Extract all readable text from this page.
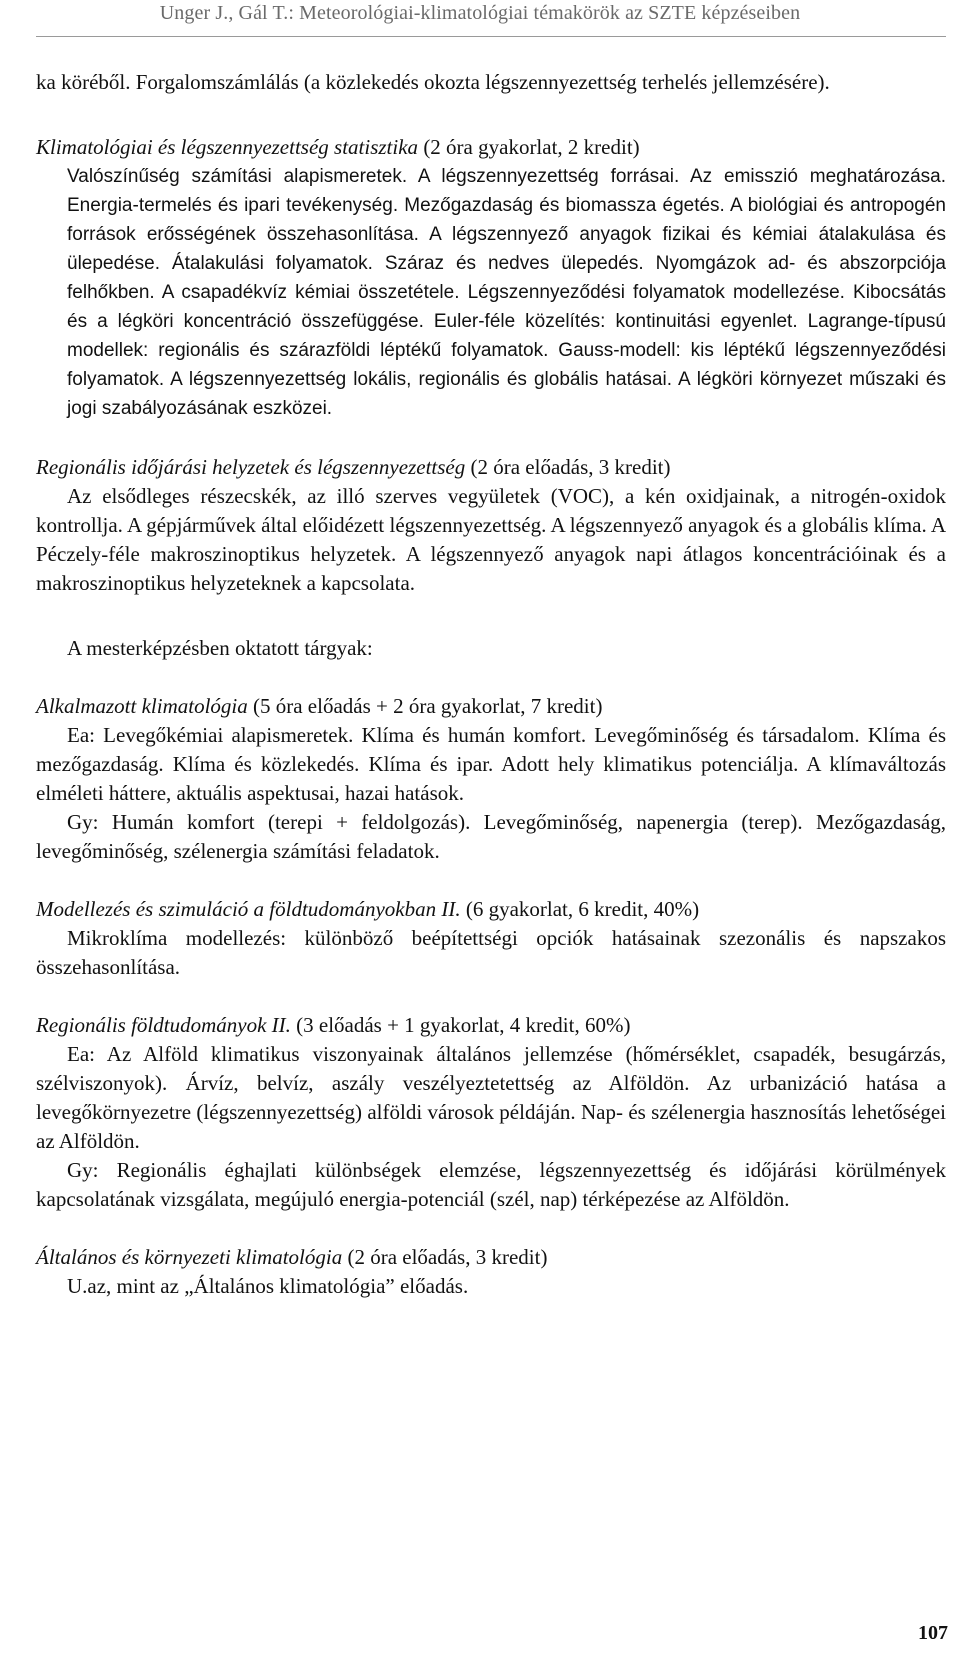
Unger J., Gál T.: Meteorológiai-klimatológiai témakörök az SZTE képzéseiben

ka köréből. Forgalomszámlálás (a közlekedés okozta légszennyezettség terhelés jellemzésére).

Klimatológiai és légszennyezettség statisztika (2 óra gyakorlat, 2 kredit)

Valószínűség számítási alapismeretek. A légszennyezettség forrásai. Az emisszió meghatározása. Energia-termelés és ipari tevékenység. Mezőgazdaság és biomassza égetés. A biológiai és antropogén források erősségének összehasonlítása. A légszennyező anyagok fizikai és kémiai átalakulása és ülepedése. Átalakulási folyamatok. Száraz és nedves ülepedés. Nyomgázok ad- és abszorpciója felhőkben. A csapadékvíz kémiai összetétele. Légszennyeződési folyamatok modellezése. Kibocsátás és a légköri koncentráció összefüggése. Euler-féle közelítés: kontinuitási egyenlet. Lagrange-típusú modellek: regionális és szárazföldi léptékű folyamatok. Gauss-modell: kis léptékű légszennyeződési folyamatok. A légszennyezettség lokális, regionális és globális hatásai. A légköri környezet műszaki és jogi szabályozásának eszközei.

Regionális időjárási helyzetek és légszennyezettség (2 óra előadás, 3 kredit)

Az elsődleges részecskék, az illó szerves vegyületek (VOC), a kén oxidjainak, a nitrogén-oxidok kontrollja. A gépjárművek által előidézett légszennyezettség. A légszennyező anyagok és a globális klíma. A Péczely-féle makroszinoptikus helyzetek. A légszennyező anyagok napi átlagos koncentrációinak és a makroszinoptikus helyzeteknek a kapcsolata.

A mesterképzésben oktatott tárgyak:

Alkalmazott klimatológia (5 óra előadás + 2 óra gyakorlat, 7 kredit)

Ea: Levegőkémiai alapismeretek. Klíma és humán komfort. Levegőminőség és társadalom. Klíma és mezőgazdaság. Klíma és közlekedés. Klíma és ipar. Adott hely klimatikus potenciálja. A klímaváltozás elméleti háttere, aktuális aspektusai, hazai hatások.

Gy: Humán komfort (terepi + feldolgozás). Levegőminőség, napenergia (terep). Mezőgazdaság, levegőminőség, szélenergia számítási feladatok.

Modellezés és szimuláció a földtudományokban II. (6 gyakorlat, 6 kredit, 40%)

Mikroklíma modellezés: különböző beépítettségi opciók hatásainak szezonális és napszakos összehasonlítása.

Regionális földtudományok II. (3 előadás + 1 gyakorlat, 4 kredit, 60%)

Ea: Az Alföld klimatikus viszonyainak általános jellemzése (hőmérséklet, csapadék, besugárzás, szélviszonyok). Árvíz, belvíz, aszály veszélyeztetettség az Alföldön. Az urbanizáció hatása a levegőkörnyezetre (légszennyezettség) alföldi városok példáján. Nap- és szélenergia hasznosítás lehetőségei az Alföldön.

Gy: Regionális éghajlati különbségek elemzése, légszennyezettség és időjárási körülmények kapcsolatának vizsgálata, megújuló energia-potenciál (szél, nap) térképezése az Alföldön.

Általános és környezeti klimatológia (2 óra előadás, 3 kredit)

U.az, mint az „Általános klimatológia” előadás.

107
